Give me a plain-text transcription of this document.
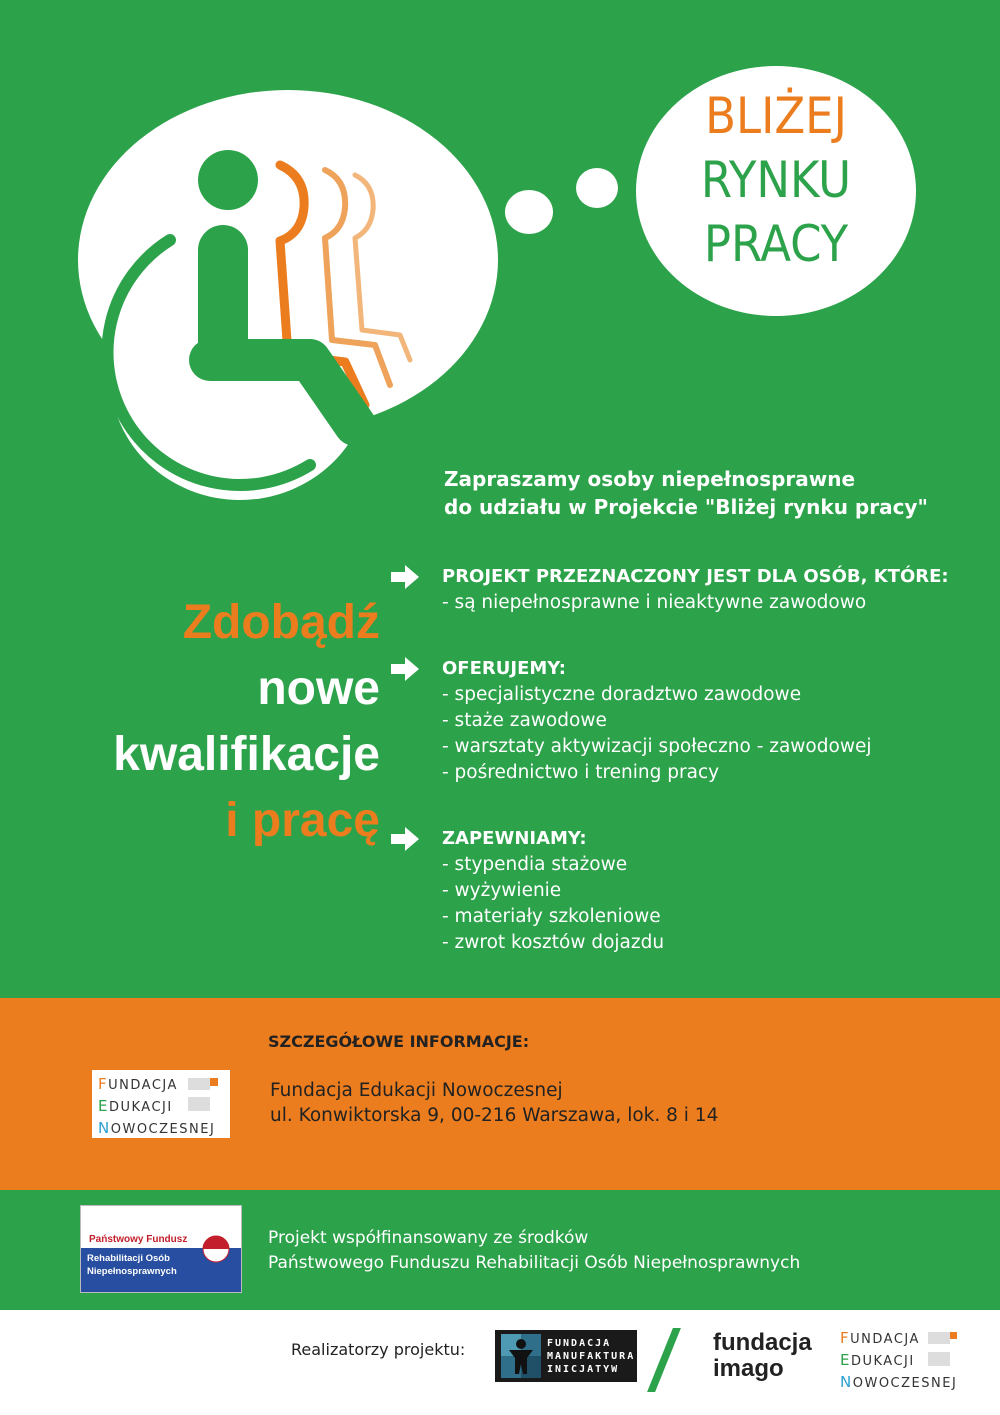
BLIŻEJ
RYNKU
PRACY
Zapraszamy osoby niepełnosprawne
do udziału w Projekcie "Bliżej rynku pracy"
Zdobądź
nowe
kwalifikacje
i pracę
PROJEKT PRZEZNACZONY JEST DLA OSÓB, KTÓRE:
- są niepełnosprawne i nieaktywne zawodowo
OFERUJEMY:
- specjalistyczne doradztwo zawodowe
- staże zawodowe
- warsztaty aktywizacji społeczno - zawodowej
- pośrednictwo i trening pracy
ZAPEWNIAMY:
- stypendia stażowe
- wyżywienie
- materiały szkoleniowe
- zwrot kosztów dojazdu
SZCZEGÓŁOWE INFORMACJE:
Fundacja Edukacji Nowoczesnej
ul. Konwiktorska 9, 00-216 Warszawa, lok. 8 i 14
FUNDACJA
EDUKACJI
NOWOCZESNEJ
Państwowy Fundusz
Rehabilitacji Osób
Niepełnosprawnych
Projekt współfinansowany ze środków
Państwowego Funduszu Rehabilitacji Osób Niepełnosprawnych
Realizatorzy projektu:	FUNDACJA
MANUFAKTURA
INICJATYW
fundacja
imago
FUNDACJA
EDUKACJI
NOWOCZESNEJ
